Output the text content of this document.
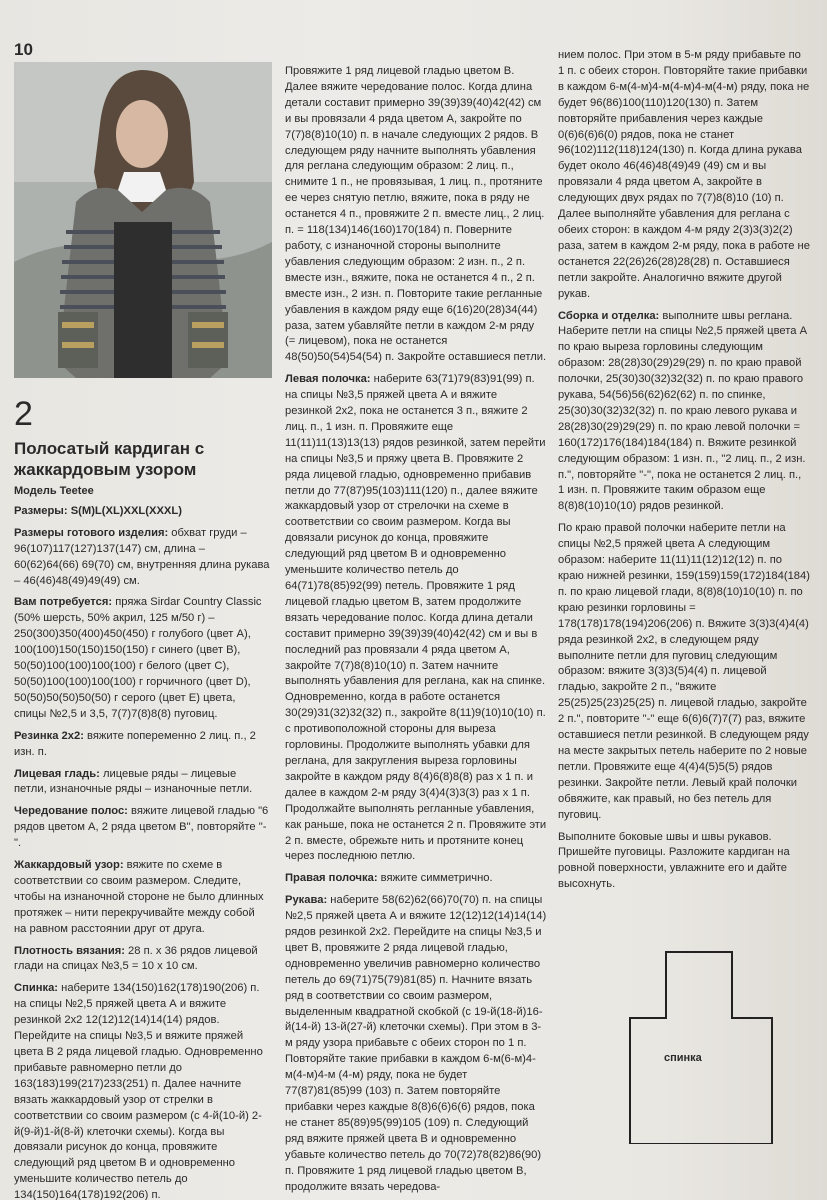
10
2
Полосатый кардиган с жаккардовым узором
Модель Teetee

Размеры: S(M)L(XL)XXL(XXXL)

Размеры готового изделия: обхват груди – 96(107)117(127)137(147) см, длина – 60(62)64(66) 69(70) см, внутренняя длина рукава – 46(46)48(49)49(49) см.

Вам потребуется: пряжа Sirdar Country Classic (50% шерсть, 50% акрил, 125 м/50 г) – 250(300)350(400)450(450) г голубого (цвет А), 100(100)150(150)150(150) г синего (цвет В), 50(50)100(100)100(100) г белого (цвет С), 50(50)100(100)100(100) г горчичного (цвет D), 50(50)50(50)50(50) г серого (цвет Е) цвета, спицы №2,5 и 3,5, 7(7)7(8)8(8) пуговиц.

Резинка 2х2: вяжите попеременно 2 лиц. п., 2 изн. п.

Лицевая гладь: лицевые ряды – лицевые петли, изнаночные ряды – изнаночные петли.

Чередование полос: вяжите лицевой гладью "6 рядов цветом А, 2 ряда цветом В", повторяйте "-".

Жаккардовый узор: вяжите по схеме в соответствии со своим размером. Следите, чтобы на изнаночной стороне не было длинных протяжек – нити перекручивайте между собой на равном расстоянии друг от друга.

Плотность вязания: 28 п. х 36 рядов лицевой глади на спицах №3,5 = 10 х 10 см.

Спинка: наберите 134(150)162(178)190(206) п. на спицы №2,5 пряжей цвета А и вяжите резинкой 2х2 12(12)12(14)14(14) рядов. Перейдите на спицы №3,5 и вяжите пряжей цвета В 2 ряда лицевой гладью. Одновременно прибавьте равномерно петли до 163(183)199(217)233(251) п. Далее начните вязать жаккардовый узор от стрелки в соответствии со своим размером (с 4-й(10-й) 2-й(9-й)1-й(8-й) клеточки схемы). Когда вы довязали рисунок до конца, провяжите следующий ряд цветом В и одновременно уменьшите количество петель до 134(150)164(178)192(206) п.

Провяжите 1 ряд лицевой гладью цветом В. Далее вяжите чередование полос. Когда длина детали составит примерно 39(39)39(40)42(42) см и вы провязали 4 ряда цветом А, закройте по 7(7)8(8)10(10) п. в начале следующих 2 рядов. В следующем ряду начните выполнять убавления для реглана следующим образом: 2 лиц. п., снимите 1 п., не провязывая, 1 лиц. п., протяните ее через снятую петлю, вяжите, пока в ряду не останется 4 п., провяжите 2 п. вместе лиц., 2 лиц. п. = 118(134)146(160)170(184) п. Поверните работу, с изнаночной стороны выполните убавления следующим образом: 2 изн. п., 2 п. вместе изн., вяжите, пока не останется 4 п., 2 п. вместе изн., 2 изн. п. Повторите такие регланные убавления в каждом ряду еще 6(16)20(28)34(44) раза, затем убавляйте петли в каждом 2-м ряду (= лицевом), пока не останется 48(50)50(54)54(54) п. Закройте оставшиеся петли.

Левая полочка: наберите 63(71)79(83)91(99) п. на спицы №3,5 пряжей цвета А и вяжите резинкой 2х2, пока не останется 3 п., вяжите 2 лиц. п., 1 изн. п. Провяжите еще 11(11)11(13)13(13) рядов резинкой, затем перейти на спицы №3,5 и пряжу цвета В. Провяжите 2 ряда лицевой гладью, одновременно прибавив петли до 77(87)95(103)111(120) п., далее вяжите жаккардовый узор от стрелочки на схеме в соответствии со своим размером. Когда вы довязали рисунок до конца, провяжите следующий ряд цветом В и одновременно уменьшите количество петель до 64(71)78(85)92(99) петель. Провяжите 1 ряд лицевой гладью цветом В, затем продолжите вязать чередование полос. Когда длина детали составит примерно 39(39)39(40)42(42) см и вы в последний раз провязали 4 ряда цветом А, закройте 7(7)8(8)10(10) п. Затем начните выполнять убавления для реглана, как на спинке. Одновременно, когда в работе останется 30(29)31(32)32(32) п., закройте 8(11)9(10)10(10) п. с противоположной стороны для выреза горловины. Продолжите выполнять убавки для реглана, для закругления выреза горловины закройте в каждом ряду 8(4)6(8)8(8) раз х 1 п. и далее в каждом 2-м ряду 3(4)4(3)3(3) раз х 1 п. Продолжайте выполнять регланные убавления, как раньше, пока не останется 2 п. Провяжите эти 2 п. вместе, обрежьте нить и протяните конец через последнюю петлю.

Правая полочка: вяжите симметрично.

Рукава: наберите 58(62)62(66)70(70) п. на спицы №2,5 пряжей цвета А и вяжите 12(12)12(14)14(14) рядов резинкой 2х2. Перейдите на спицы №3,5 и цвет В, провяжите 2 ряда лицевой гладью, одновременно увеличив равномерно количество петель до 69(71)75(79)81(85) п. Начните вязать ряд в соответствии со своим размером, выделенным квадратной скобкой (с 19-й(18-й)16-й(14-й) 13-й(27-й) клеточки схемы). При этом в 3-м ряду узора прибавьте с обеих сторон по 1 п. Повторяйте такие прибавки в каждом 6-м(6-м)4-м(4-м)4-м (4-м) ряду, пока не будет 77(87)81(85)99 (103) п. Затем повторяйте прибавки через каждые 8(8)6(6)6(6) рядов, пока не станет 85(89)95(99)105 (109) п. Следующий ряд вяжите пряжей цвета В и одновременно убавьте количество петель до 70(72)78(82)86(90) п. Провяжите 1 ряд лицевой гладью цветом В, продолжите вязать чередова-

нием полос. При этом в 5-м ряду прибавьте по 1 п. с обеих сторон. Повторяйте такие прибавки в каждом 6-м(4-м)4-м(4-м)4-м(4-м) ряду, пока не будет 96(86)100(110)120(130) п. Затем повторяйте прибавления через каждые 0(6)6(6)6(0) рядов, пока не станет 96(102)112(118)124(130) п. Когда длина рукава будет около 46(46)48(49)49 (49) см и вы провязали 4 ряда цветом А, закройте в следующих двух рядах по 7(7)8(8)10 (10) п. Далее выполняйте убавления для реглана с обеих сторон: в каждом 4-м ряду 2(3)3(3)2(2) раза, затем в каждом 2-м ряду, пока в работе не останется 22(26)26(28)28(28) п. Оставшиеся петли закройте. Аналогично вяжите другой рукав.

Сборка и отделка: выполните швы реглана. Наберите петли на спицы №2,5 пряжей цвета А по краю выреза горловины следующим образом: 28(28)30(29)29(29) п. по краю правой полочки, 25(30)30(32)32(32) п. по краю правого рукава, 54(56)56(62)62(62) п. по спинке, 25(30)30(32)32(32) п. по краю левого рукава и 28(28)30(29)29(29) п. по краю левой полочки = 160(172)176(184)184(184) п. Вяжите резинкой следующим образом: 1 изн. п., "2 лиц. п., 2 изн. п.", повторяйте "-", пока не останется 2 лиц. п., 1 изн. п. Провяжите таким образом еще 8(8)8(10)10(10) рядов резинкой.

По краю правой полочки наберите петли на спицы №2,5 пряжей цвета А следующим образом: наберите 11(11)11(12)12(12) п. по краю нижней резинки, 159(159)159(172)184(184) п. по краю лицевой глади, 8(8)8(10)10(10) п. по краю резинки горловины = 178(178)178(194)206(206) п. Вяжите 3(3)3(4)4(4) ряда резинкой 2х2, в следующем ряду выполните петли для пуговиц следующим образом: вяжите 3(3)3(5)4(4) п. лицевой гладью, закройте 2 п., "вяжите 25(25)25(23)25(25) п. лицевой гладью, закройте 2 п.", повторите "-" еще 6(6)6(7)7(7) раз, вяжите оставшиеся петли резинкой. В следующем ряду на месте закрытых петель наберите по 2 новые петли. Провяжите еще 4(4)4(5)5(5) рядов резинки. Закройте петли. Левый край полочки обвяжите, как правый, но без петель для пуговиц.

Выполните боковые швы и швы рукавов. Пришейте пуговицы. Разложите кардиган на ровной поверхности, увлажните его и дайте высохнуть.

спинка
